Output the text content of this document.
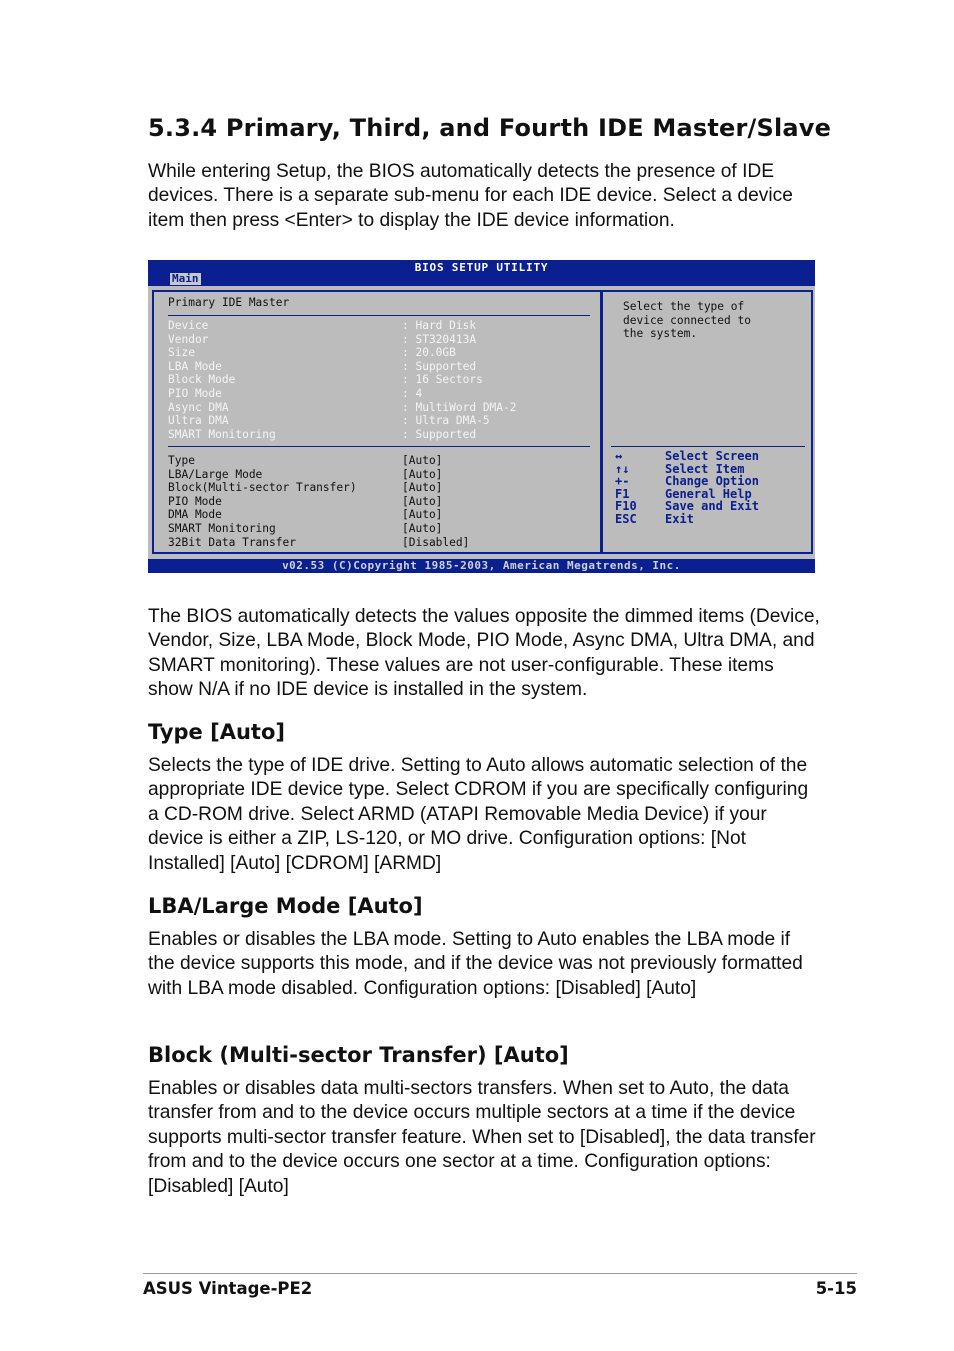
5.3.4 Primary, Third, and Fourth IDE Master/Slave

While entering Setup, the BIOS automatically detects the presence of IDE devices. There is a separate sub-menu for each IDE device. Select a device item then press <Enter> to display the IDE device information.

BIOS SETUP UTILITY
Main
Primary IDE Master
Device	: Hard Disk
Vendor	: ST320413A
Size	: 20.0GB
LBA Mode	: Supported
Block Mode	: 16 Sectors
PIO Mode	: 4
Async DMA	: MultiWord DMA-2
Ultra DMA	: Ultra DMA-5
SMART Monitoring	: Supported
Type	[Auto]
LBA/Large Mode	[Auto]
Block(Multi-sector Transfer)	[Auto]
PIO Mode	[Auto]
DMA Mode	[Auto]
SMART Monitoring	[Auto]
32Bit Data Transfer	[Disabled]
Select the type of
device connected to
the system.
↔	Select Screen
↑↓	Select Item
+-	Change Option
F1	General Help
F10	Save and Exit
ESC	Exit
v02.53 (C)Copyright 1985-2003, American Megatrends, Inc.

The BIOS automatically detects the values opposite the dimmed items (Device, Vendor, Size, LBA Mode, Block Mode, PIO Mode, Async DMA, Ultra DMA, and SMART monitoring). These values are not user-configurable. These items show N/A if no IDE device is installed in the system.

Type [Auto]

Selects the type of IDE drive. Setting to Auto allows automatic selection of the appropriate IDE device type. Select CDROM if you are specifically configuring a CD-ROM drive. Select ARMD (ATAPI Removable Media Device) if your device is either a ZIP, LS-120, or MO drive. Configuration options: [Not Installed] [Auto] [CDROM] [ARMD]

LBA/Large Mode [Auto]

Enables or disables the LBA mode. Setting to Auto enables the LBA mode if the device supports this mode, and if the device was not previously formatted with LBA mode disabled. Configuration options: [Disabled] [Auto]

Block (Multi-sector Transfer) [Auto]

Enables or disables data multi-sectors transfers. When set to Auto, the data transfer from and to the device occurs multiple sectors at a time if the device supports multi-sector transfer feature. When set to [Disabled], the data transfer from and to the device occurs one sector at a time. Configuration options: [Disabled] [Auto]

ASUS Vintage-PE2	5-15
